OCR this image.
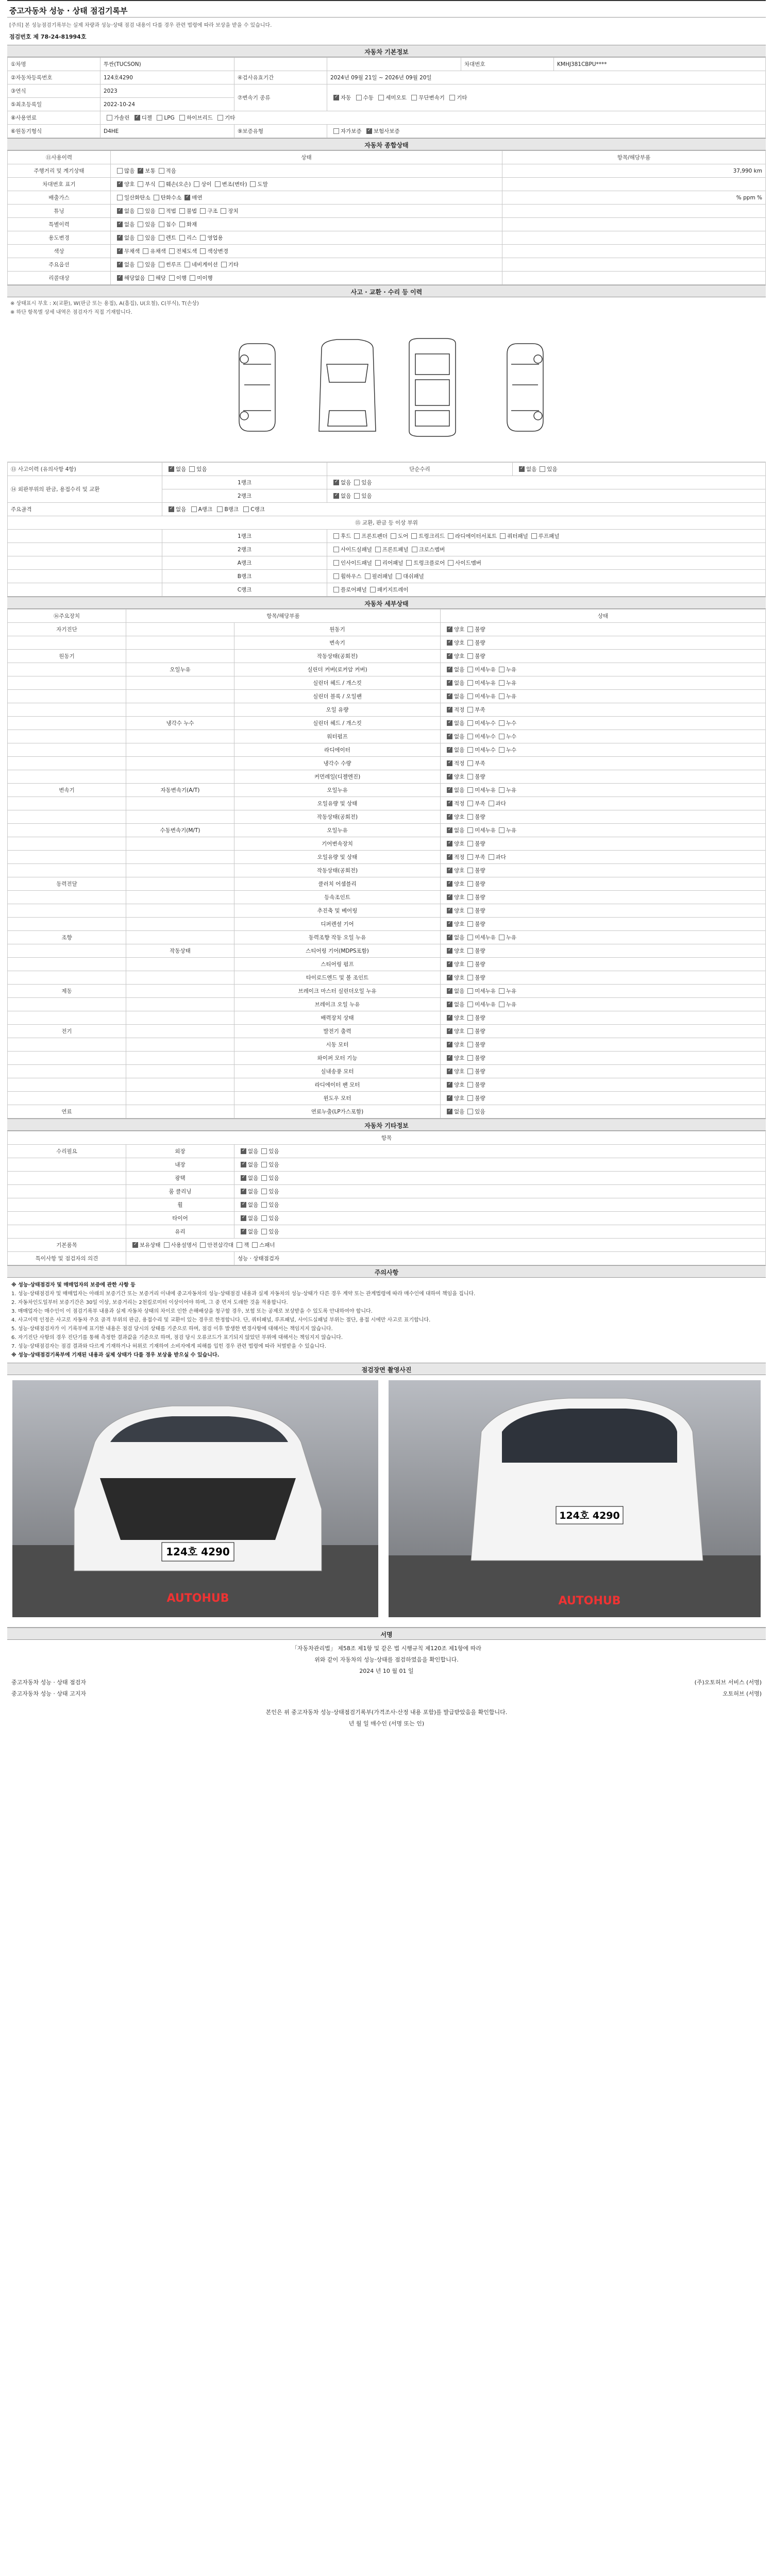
중고자동차 성능 · 상태 점검기록부
[주의] 본 성능점검기록부는 실제 차량과 성능·상태 점검 내용이 다를 경우 관련 법령에 따라 보상을 받을 수 있습니다.
점검번호 제 78-24-81994호
자동차 기본정보
①차명	투싼(TUCSON)			차대번호	KMHJ381CBPU****
②자동차등록번호	124호4290	④검사유효기간	2024년 09월 21일 ~ 2026년 09월 20일		
③연식	2023	⑦변속기 종류	✓자동 수동 세미오토 무단변속기 기타
⑤최초등록일	2022-10-24				
⑧사용연료	가솔린 ✓ 디젤 LPG 하이브리드 기타
⑥원동기형식	D4HE	⑨보증유형	자가보증 ✓ 보험사보증
자동차 종합상태
⑪사용이력	상태	항목/해당부품
주행거리 및 계기상태	많음 ✓ 보통 적음	37,990 km
차대번호 표기	✓양호 부식 훼손(오손) 상이 변조(변타) 도말	
배출가스	일산화탄소 탄화수소 ✓ 매연	% ppm %
튜닝	✓없음 있음 적법 불법 구조 장치	
특별이력	✓없음 있음 침수 화재	
용도변경	✓없음 있음 렌트 리스 영업용	
색상	✓무채색 유채색 전체도색 색상변경	
주요옵션	✓없음 있음 썬루프 네비게이션 기타	
리콜대상	✓해당없음 해당 이행 미이행	
사고 · 교환 · 수리 등 이력
※ 상태표시 부호 : X(교환), W(판금 또는 용접), A(흠집), U(요철), C(부식), T(손상)
※ 하단 항목별 상세 내역은 점검자가 직접 기재합니다.
⑬ 사고이력 (유의사항 4항)	✓없음 있음	단순수리	✓없음 있음
⑭ 외판부위의 판금, 용접수리 및 교환	1랭크	✓없음 있음
	2랭크	✓없음 있음
주요골격	✓없음 A랭크 B랭크 C랭크
⑮ 교환, 판금 등 이상 부위			
	1랭크	후드 프론트펜더 도어 트렁크리드 라디에이터서포트 쿼터패널 루프패널	
	2랭크	사이드실패널 프론트패널 크로스멤버	
	A랭크	인사이드패널 리어패널 트렁크플로어 사이드멤버	
	B랭크	휠하우스 필러패널 대쉬패널	
	C랭크	플로어패널 패키지트레이	
자동차 세부상태
⑯주요장치	항목/해당부품		상태
자기진단		원동기	✓양호 불량
		변속기	✓양호 불량
원동기		작동상태(공회전)	✓양호 불량
	오일누유	실린더 커버(로커암 커버)	✓없음 미세누유 누유
		실린더 헤드 / 개스킷	✓없음 미세누유 누유
		실린더 블록 / 오일팬	✓없음 미세누유 누유
		오일 유량	✓적정 부족
	냉각수 누수	실린더 헤드 / 개스킷	✓없음 미세누수 누수
		워터펌프	✓없음 미세누수 누수
		라디에이터	✓없음 미세누수 누수
		냉각수 수량	✓적정 부족
		커먼레일(디젤엔진)	✓양호 불량
변속기	자동변속기(A/T)	오일누유	✓없음 미세누유 누유
		오일유량 및 상태	✓적정 부족 과다
		작동상태(공회전)	✓양호 불량
	수동변속기(M/T)	오일누유	✓없음 미세누유 누유
		기어변속장치	✓양호 불량
		오일유량 및 상태	✓적정 부족 과다
		작동상태(공회전)	✓양호 불량
동력전달		클러치 어셈블리	✓양호 불량
		등속조인트	✓양호 불량
		추진축 및 베어링	✓양호 불량
		디퍼렌셜 기어	✓양호 불량
조향		동력조향 작동 오일 누유	✓없음 미세누유 누유
	작동상태	스티어링 기어(MDPS포함)	✓양호 불량
		스티어링 펌프	✓양호 불량
		타이로드엔드 및 볼 조인트	✓양호 불량
제동		브레이크 마스터 실린더오일 누유	✓없음 미세누유 누유
		브레이크 오일 누유	✓없음 미세누유 누유
		배력장치 상태	✓양호 불량
전기		발전기 출력	✓양호 불량
		시동 모터	✓양호 불량
		와이퍼 모터 기능	✓양호 불량
		실내송풍 모터	✓양호 불량
		라디에이터 팬 모터	✓양호 불량
		윈도우 모터	✓양호 불량
연료		연료누출(LP가스포함)	✓없음 있음
자동차 기타정보
항목		
수리필요	외장	✓없음 있음
	내장	✓없음 있음
	광택	✓없음 있음
	룸 클리닝	✓없음 있음
	휠	✓없음 있음
	타이어	✓없음 있음
	유리	✓없음 있음
기본품목	✓보유상태 사용설명서 안전삼각대 잭 스패너
특이사항 및 점검자의 의견		성능 · 상태점검자
주의사항
※ 성능·상태점검자 및 매매업자의 보증에 관한 사항 등
1. 성능·상태점검자 및 매매업자는 아래의 보증기간 또는 보증거리 이내에 중고자동차의 성능·상태점검 내용과 실제 자동차의 성능·상태가 다른 경우 계약 또는 관계법령에 따라 매수인에 대하여 책임을 집니다.
2. 자동차인도일부터 보증기간은 30일 이상, 보증거리는 2천킬로미터 이상이어야 하며, 그 중 먼저 도래한 것을 적용합니다.
3. 매매업자는 매수인이 이 점검기록부 내용과 실제 자동차 상태의 차이로 인한 손해배상을 청구할 경우, 보험 또는 공제로 보상받을 수 있도록 안내하여야 합니다.
4. 사고이력 인정은 사고로 자동차 주요 골격 부위의 판금, 용접수리 및 교환이 있는 경우로 한정합니다. 단, 쿼터패널, 루프패널, 사이드실패널 부위는 절단, 용접 시에만 사고로 표기합니다.
5. 성능·상태점검자가 이 기록부에 표기한 내용은 점검 당시의 상태를 기준으로 하며, 점검 이후 발생한 변경사항에 대해서는 책임지지 않습니다.
6. 자기진단 사항의 경우 진단기를 통해 측정한 결과값을 기준으로 하며, 점검 당시 오류코드가 표기되지 않았던 부위에 대해서는 책임지지 않습니다.
7. 성능·상태점검자는 점검 결과와 다르게 기재하거나 허위로 기재하여 소비자에게 피해를 입힌 경우 관련 법령에 따라 처벌받을 수 있습니다.
※ 성능·상태점검기록부에 기재된 내용과 실제 상태가 다를 경우 보상을 받으실 수 있습니다.
점검장면 촬영사진
124호 4290
AUTOHUB
124호 4290
AUTOHUB
서명
「자동차관리법」 제58조 제1항 및 같은 법 시행규칙 제120조 제1항에 따라
위와 같이 자동차의 성능·상태를 점검하였음을 확인합니다.
2024 년 10 월 01 일
중고자동차 성능 · 상태 점검자	(주)오토허브 서비스 (서명)
중고자동차 성능 · 상태 고지자	오토허브 (서명)
본인은 위 중고자동차 성능·상태점검기록부(가격조사·산정 내용 포함)를 발급받았음을 확인합니다.
년 월 일 매수인 (서명 또는 인)
